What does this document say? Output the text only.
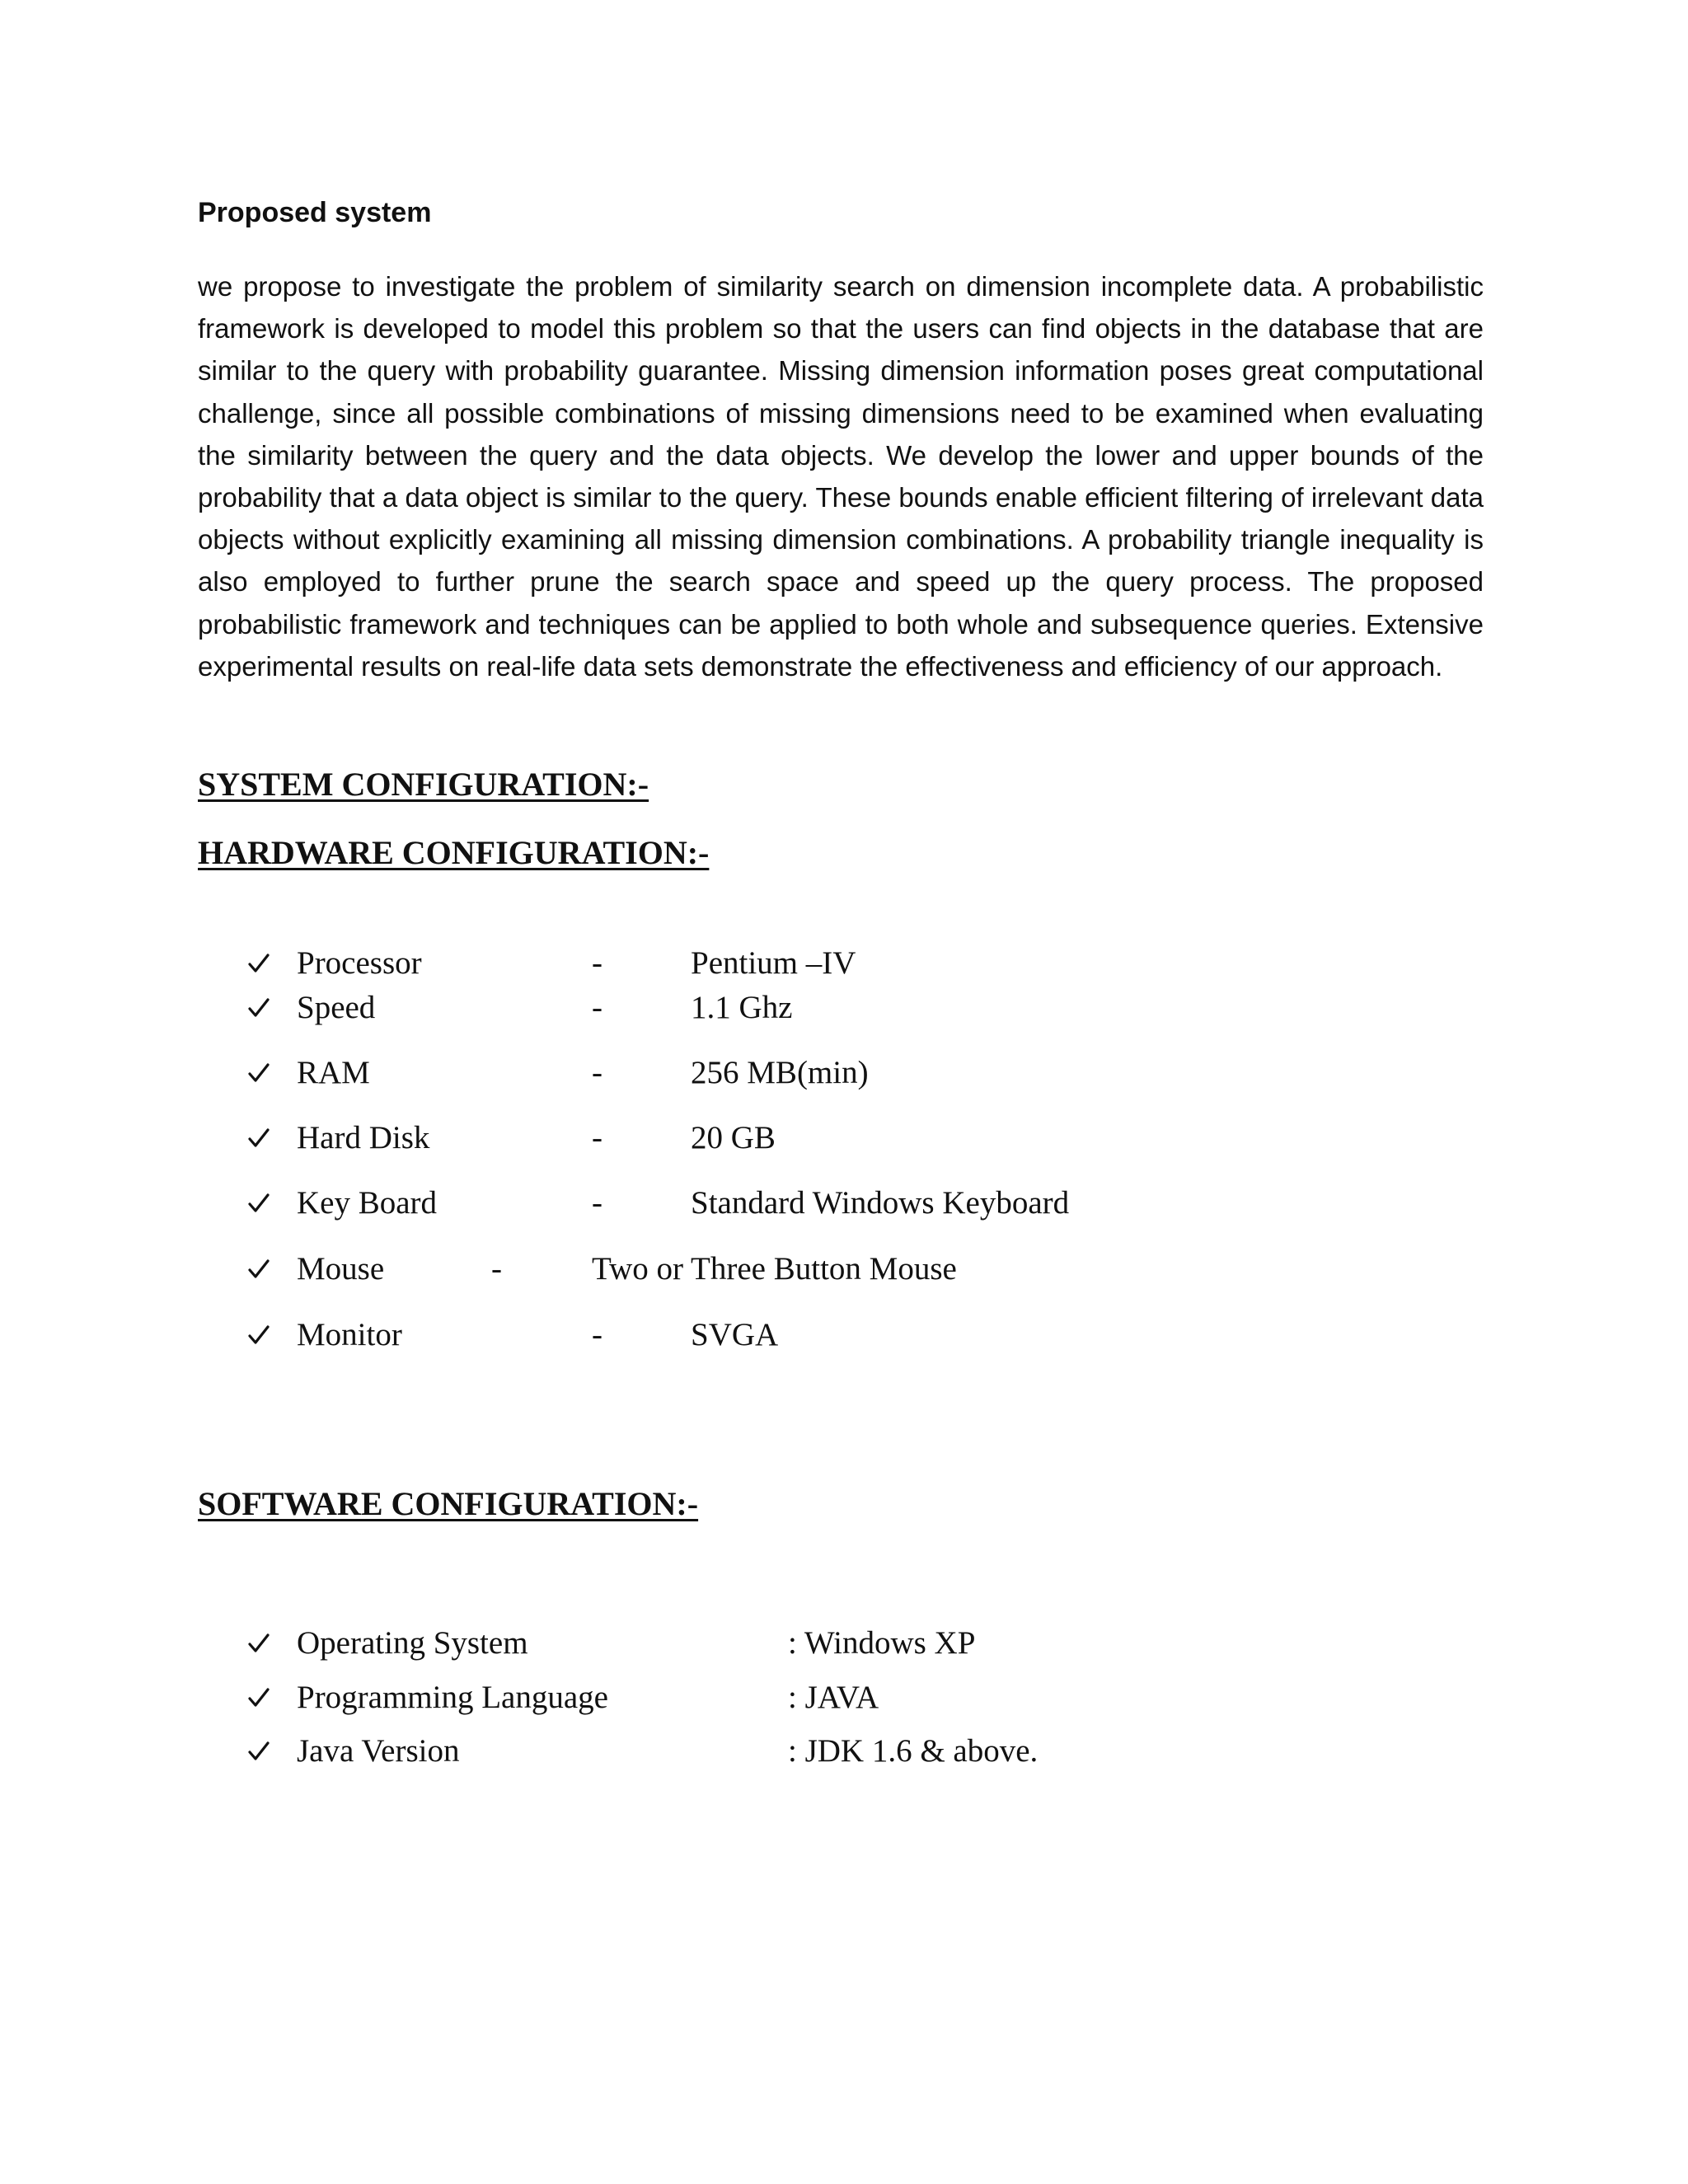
Proposed system

we propose to investigate the problem of similarity search on dimension incomplete data. A probabilistic framework is developed to model this problem so that the users can find objects in the database that are similar to the query with probability guarantee. Missing dimension information poses great computational challenge, since all possible combinations of missing dimensions need to be examined when evaluating the similarity between the query and the data objects. We develop the lower and upper bounds of the probability that a data object is similar to the query. These bounds enable efficient filtering of irrelevant data objects without explicitly examining all missing dimension combinations. A probability triangle inequality is also employed to further prune the search space and speed up the query process. The proposed probabilistic framework and techniques can be applied to both whole and subsequence queries. Extensive experimental results on real-life data sets demonstrate the effectiveness and efficiency of our approach.

SYSTEM CONFIGURATION:-
HARDWARE CONFIGURATION:-
Processor	-	Pentium –IV
Speed	-	1.1 Ghz
RAM	-	256 MB(min)
Hard Disk	-	20 GB
Key Board	-	Standard Windows Keyboard
Mouse	-	Two or Three Button Mouse
Monitor	-	SVGA
SOFTWARE CONFIGURATION:-
Operating System	: Windows XP
Programming Language	: JAVA
Java Version	: JDK 1.6 & above.
